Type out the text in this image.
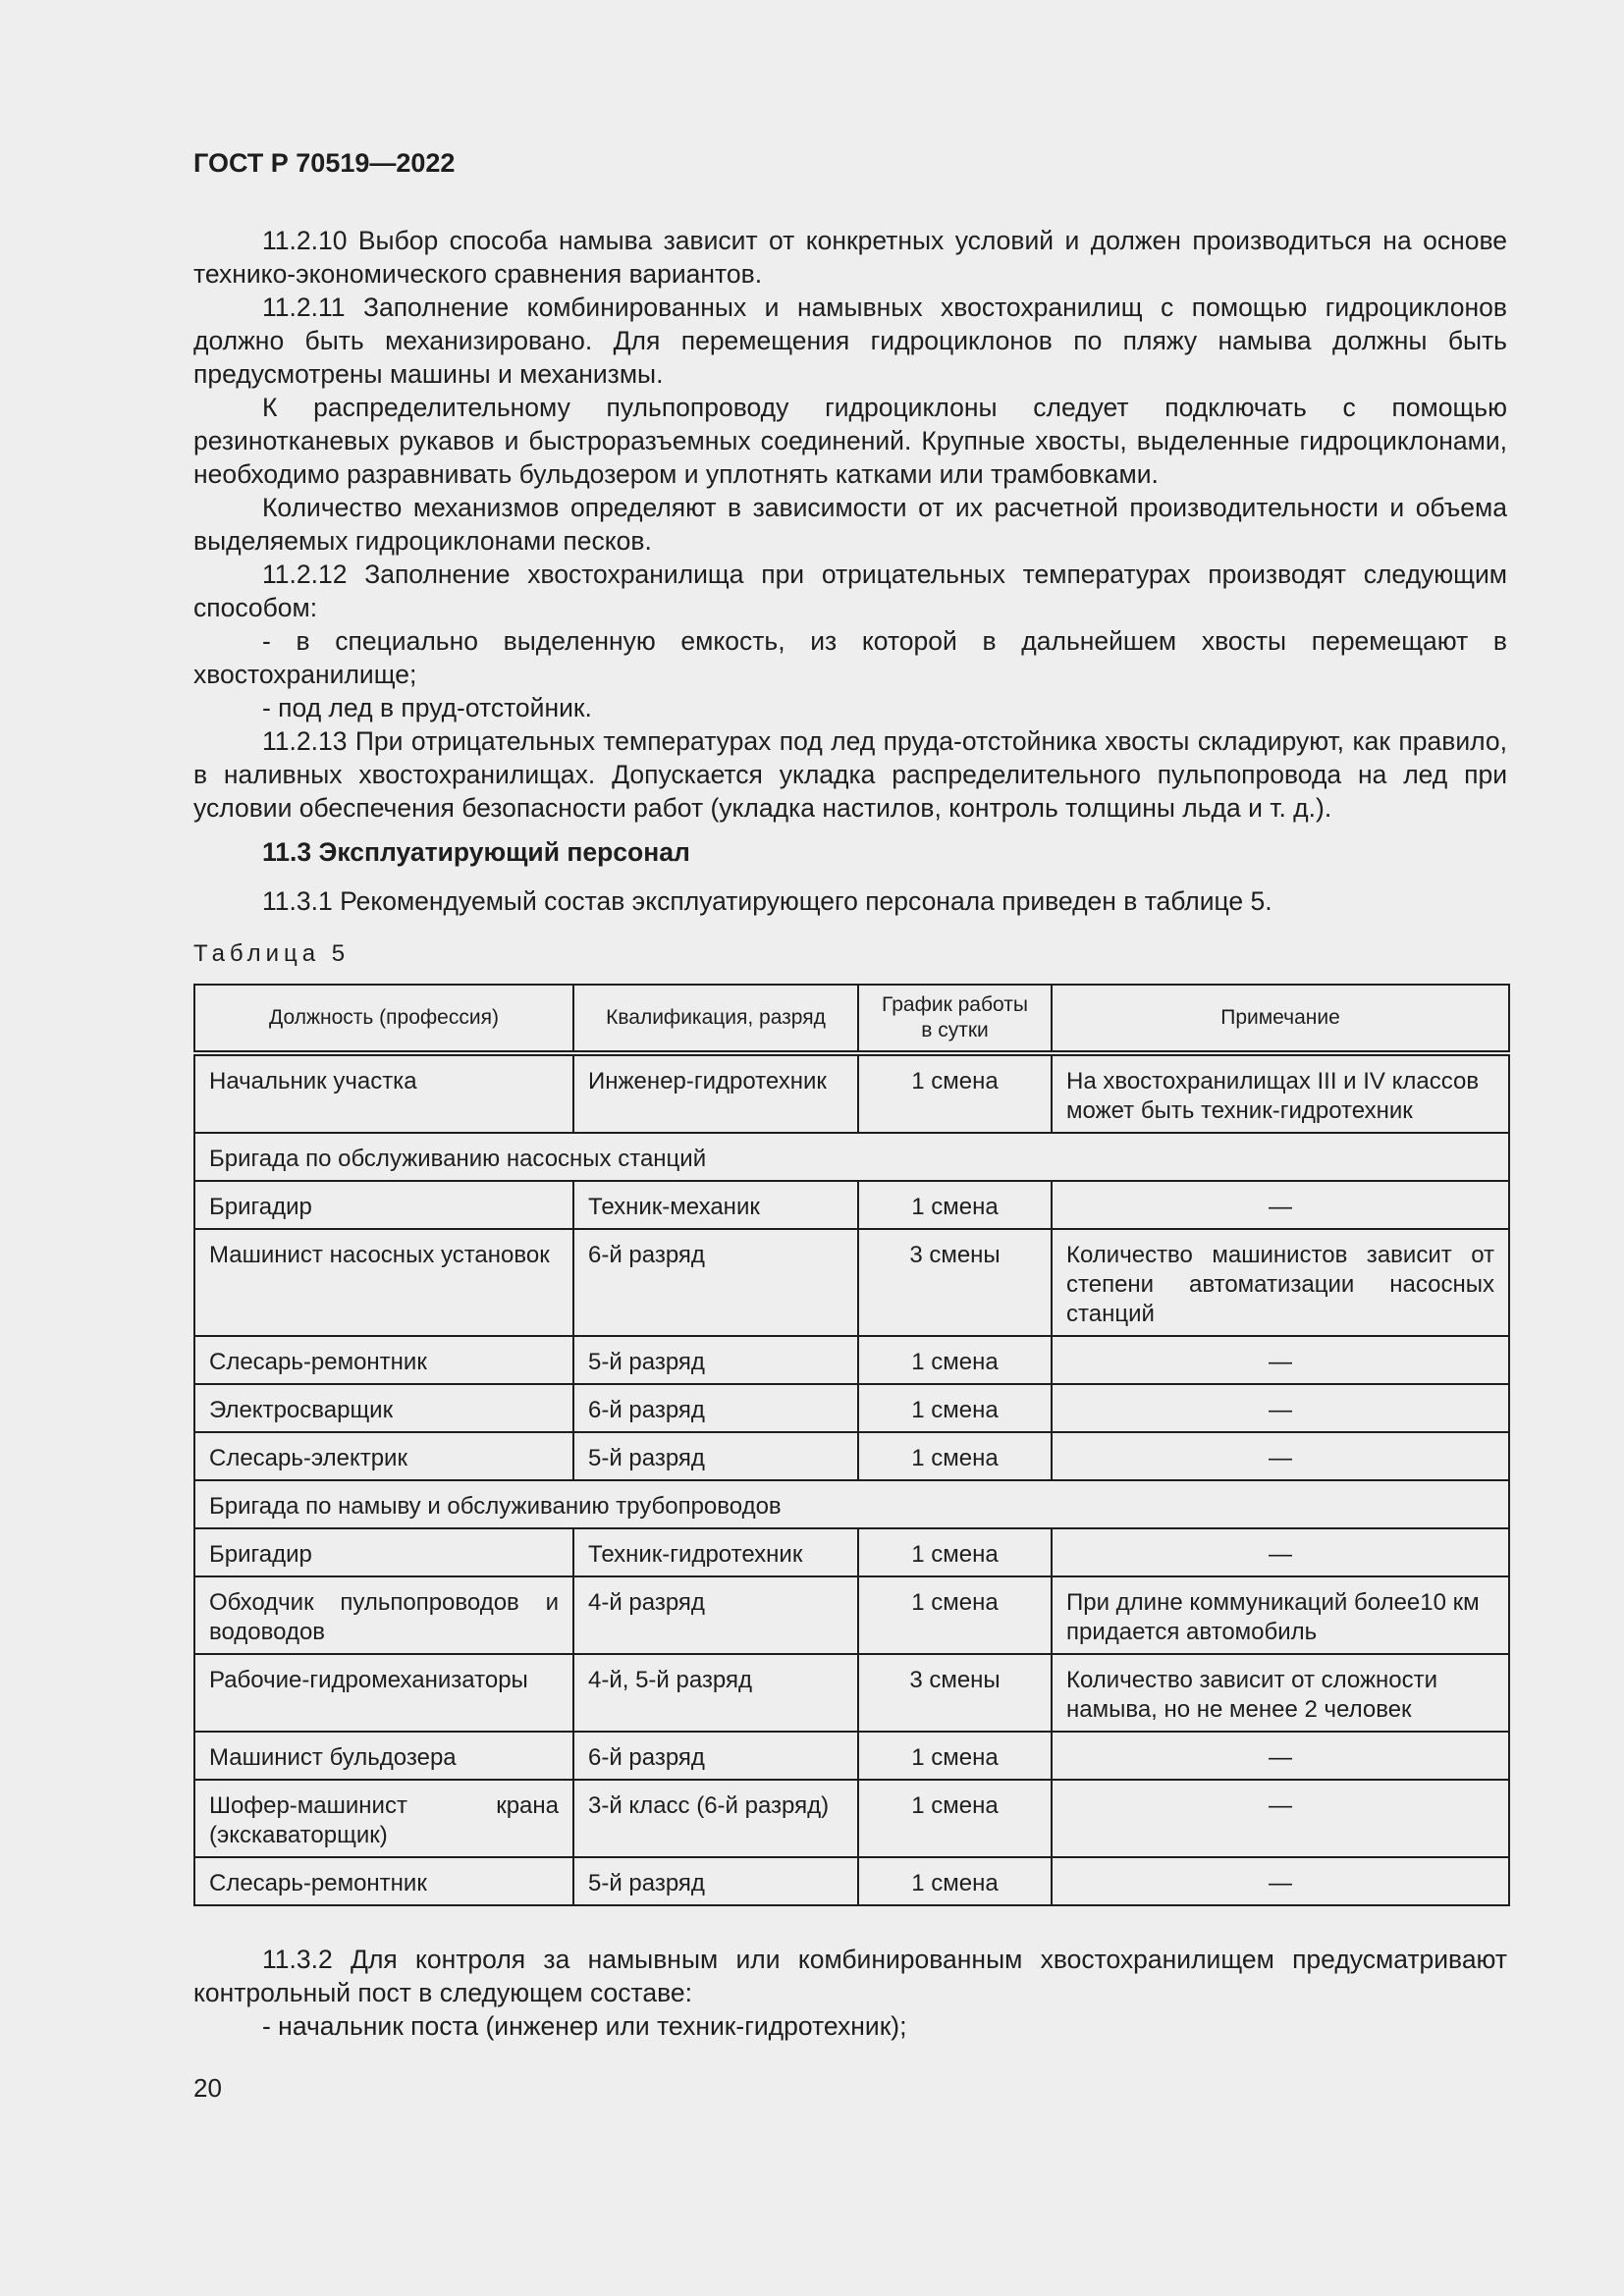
ГОСТ Р 70519—2022

11.2.10 Выбор способа намыва зависит от конкретных условий и должен производиться на основе технико-экономического сравнения вариантов.

11.2.11 Заполнение комбинированных и намывных хвостохранилищ с помощью гидроциклонов должно быть механизировано. Для перемещения гидроциклонов по пляжу намыва должны быть предусмотрены машины и механизмы.

К распределительному пульпопроводу гидроциклоны следует подключать с помощью резинотканевых рукавов и быстроразъемных соединений. Крупные хвосты, выделенные гидроциклонами, необходимо разравнивать бульдозером и уплотнять катками или трамбовками.

Количество механизмов определяют в зависимости от их расчетной производительности и объема выделяемых гидроциклонами песков.

11.2.12 Заполнение хвостохранилища при отрицательных температурах производят следующим способом:

- в специально выделенную емкость, из которой в дальнейшем хвосты перемещают в хвостохранилище;

- под лед в пруд-отстойник.

11.2.13 При отрицательных температурах под лед пруда-отстойника хвосты складируют, как правило, в наливных хвостохранилищах. Допускается укладка распределительного пульпопровода на лед при условии обеспечения безопасности работ (укладка настилов, контроль толщины льда и т. д.).

11.3 Эксплуатирующий персонал
11.3.1 Рекомендуемый состав эксплуатирующего персонала приведен в таблице 5.
Таблица 5
Должность (профессия)	Квалификация, разряд	График работы в сутки	Примечание
Начальник участка	Инженер-гидротехник	1 смена	На хвостохранилищах III и IV классов может быть техник-гидротехник
Бригада по обслуживанию насосных станций			
Бригадир	Техник-механик	1 смена	—
Машинист насосных установок	6-й разряд	3 смены	Количество машинистов зависит от степени автоматизации насосных станций
Слесарь-ремонтник	5-й разряд	1 смена	—
Электросварщик	6-й разряд	1 смена	—
Слесарь-электрик	5-й разряд	1 смена	—
Бригада по намыву и обслуживанию трубопроводов			
Бригадир	Техник-гидротехник	1 смена	—
Обходчик пульпопроводов и водоводов	4-й разряд	1 смена	При длине коммуникаций более10 км придается автомобиль
Рабочие-гидромеханизаторы	4-й, 5-й разряд	3 смены	Количество зависит от сложности намыва, но не менее 2 человек
Машинист бульдозера	6-й разряд	1 смена	—
Шофер-машинист крана (экскаваторщик)	3-й класс (6-й разряд)	1 смена	—
Слесарь-ремонтник	5-й разряд	1 смена	—

11.3.2 Для контроля за намывным или комбинированным хвостохранилищем предусматривают контрольный пост в следующем составе:

- начальник поста (инженер или техник-гидротехник);

20
